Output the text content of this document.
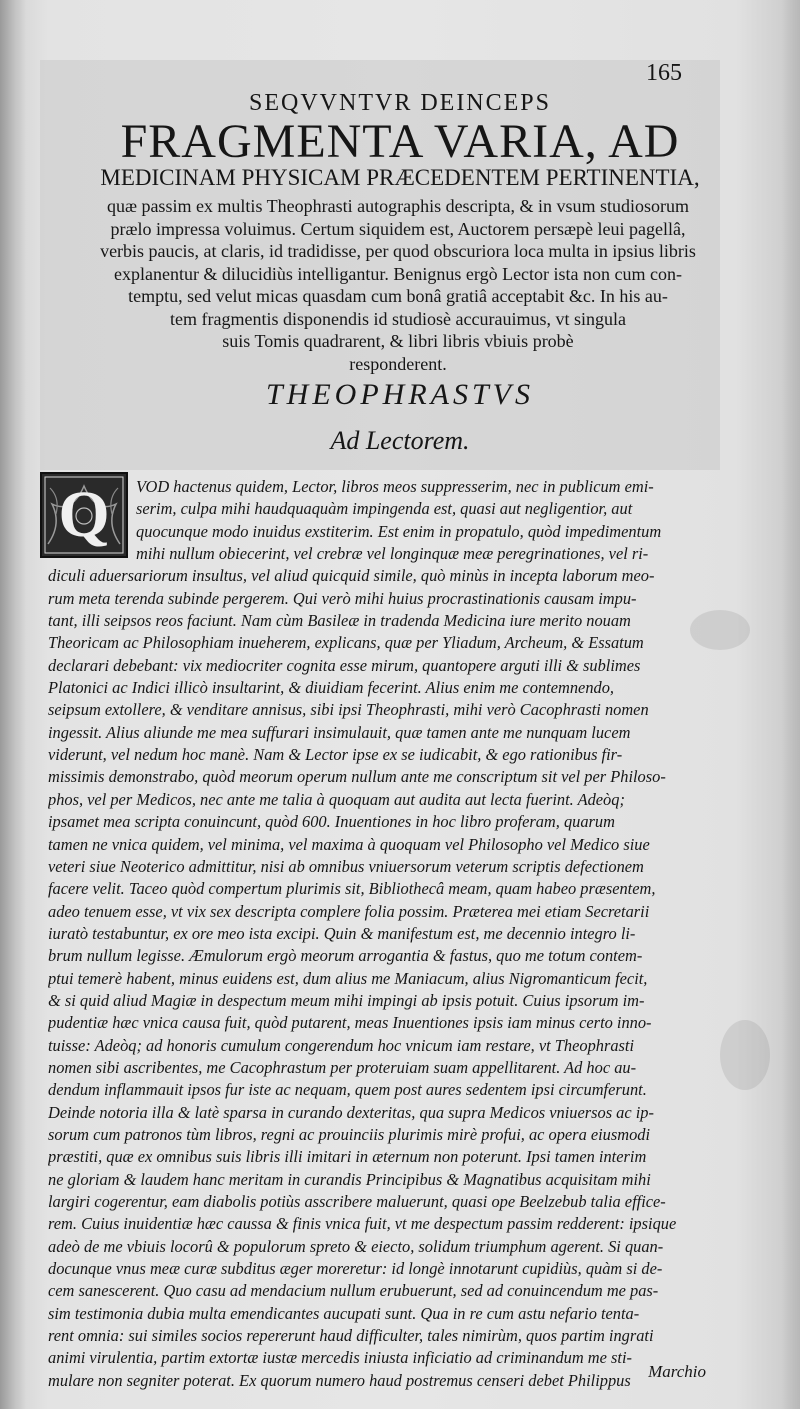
165
SEQVVNTVR DEINCEPS
FRAGMENTA VARIA, AD
MEDICINAM PHYSICAM PRÆCEDENTEM PERTINENTIA,
quæ passim ex multis Theophrasti autographis descripta, & in vsum studiosorum
prælo impressa voluimus. Certum siquidem est, Auctorem persæpè leui pagellâ,
verbis paucis, at claris, id tradidisse, per quod obscuriora loca multa in ipsius libris
explanentur & dilucidiùs intelligantur. Benignus ergò Lector ista non cum con-
temptu, sed velut micas quasdam cum bonâ gratiâ acceptabit &c. In his au-
tem fragmentis disponendis id studiosè accurauimus, vt singula
suis Tomis quadrarent, & libri libris vbiuis probè
responderent.
THEOPHRASTVS
Ad Lectorem.
Q	VOD hactenus quidem, Lector, libros meos suppresserim, nec in publicum emi-
serim, culpa mihi haudquaquàm impingenda est, quasi aut negligentior, aut
quocunque modo inuidus exstiterim. Est enim in propatulo, quòd impedimentum
mihi nullum obiecerint, vel crebræ vel longinquæ meæ peregrinationes, vel ri-
diculi aduersariorum insultus, vel aliud quicquid simile, quò minùs in incepta laborum meo-
rum meta terenda subinde pergerem. Qui verò mihi huius procrastinationis causam impu-
tant, illi seipsos reos faciunt. Nam cùm Basileæ in tradenda Medicina iure merito nouam
Theoricam ac Philosophiam inueherem, explicans, quæ per Yliadum, Archeum, & Essatum
declarari debebant: vix mediocriter cognita esse mirum, quantopere arguti illi & sublimes
Platonici ac Indici illicò insultarint, & diuidiam fecerint. Alius enim me contemnendo,
seipsum extollere, & venditare annisus, sibi ipsi Theophrasti, mihi verò Cacophrasti nomen
ingessit. Alius aliunde me mea suffurari insimulauit, quæ tamen ante me nunquam lucem
viderunt, vel nedum hoc manè. Nam & Lector ipse ex se iudicabit, & ego rationibus fir-
missimis demonstrabo, quòd meorum operum nullum ante me conscriptum sit vel per Philoso-
phos, vel per Medicos, nec ante me talia à quoquam aut audita aut lecta fuerint. Adeòq;
ipsamet mea scripta conuincunt, quòd 600. Inuentiones in hoc libro proferam, quarum
tamen ne vnica quidem, vel minima, vel maxima à quoquam vel Philosopho vel Medico siue
veteri siue Neoterico admittitur, nisi ab omnibus vniuersorum veterum scriptis defectionem
facere velit. Taceo quòd compertum plurimis sit, Bibliothecâ meam, quam habeo præsentem,
adeo tenuem esse, vt vix sex descripta complere folia possim. Præterea mei etiam Secretarii
iuratò testabuntur, ex ore meo ista excipi. Quin & manifestum est, me decennio integro li-
brum nullum legisse. Æmulorum ergò meorum arrogantia & fastus, quo me totum contem-
ptui temerè habent, minus euidens est, dum alius me Maniacum, alius Nigromanticum fecit,
& si quid aliud Magiæ in despectum meum mihi impingi ab ipsis potuit. Cuius ipsorum im-
pudentiæ hæc vnica causa fuit, quòd putarent, meas Inuentiones ipsis iam minus certo inno-
tuisse: Adeòq; ad honoris cumulum congerendum hoc vnicum iam restare, vt Theophrasti
nomen sibi ascribentes, me Cacophrastum per proteruiam suam appellitarent. Ad hoc au-
dendum inflammauit ipsos fur iste ac nequam, quem post aures sedentem ipsi circumferunt.
Deinde notoria illa & latè sparsa in curando dexteritas, qua supra Medicos vniuersos ac ip-
sorum cum patronos tùm libros, regni ac prouinciis plurimis mirè profui, ac opera eiusmodi
præstiti, quæ ex omnibus suis libris illi imitari in æternum non poterunt. Ipsi tamen interim
ne gloriam & laudem hanc meritam in curandis Principibus & Magnatibus acquisitam mihi
largiri cogerentur, eam diabolis potiùs asscribere maluerunt, quasi ope Beelzebub talia effice-
rem. Cuius inuidentiæ hæc caussa & finis vnica fuit, vt me despectum passim redderent: ipsique
adeò de me vbiuis locorû & populorum spreto & eiecto, solidum triumphum agerent. Si quan-
docunque vnus meæ curæ subditus æger moreretur: id longè innotarunt cupidiùs, quàm si de-
cem sanescerent. Quo casu ad mendacium nullum erubuerunt, sed ad conuincendum me pas-
sim testimonia dubia multa emendicantes aucupati sunt. Qua in re cum astu nefario tenta-
rent omnia: sui similes socios repererunt haud difficulter, tales nimirùm, quos partim ingrati
animi virulentia, partim extortæ iustæ mercedis iniusta inficiatio ad criminandum me sti-
mulare non segniter poterat. Ex quorum numero haud postremus censeri debet Philippus	Marchio
